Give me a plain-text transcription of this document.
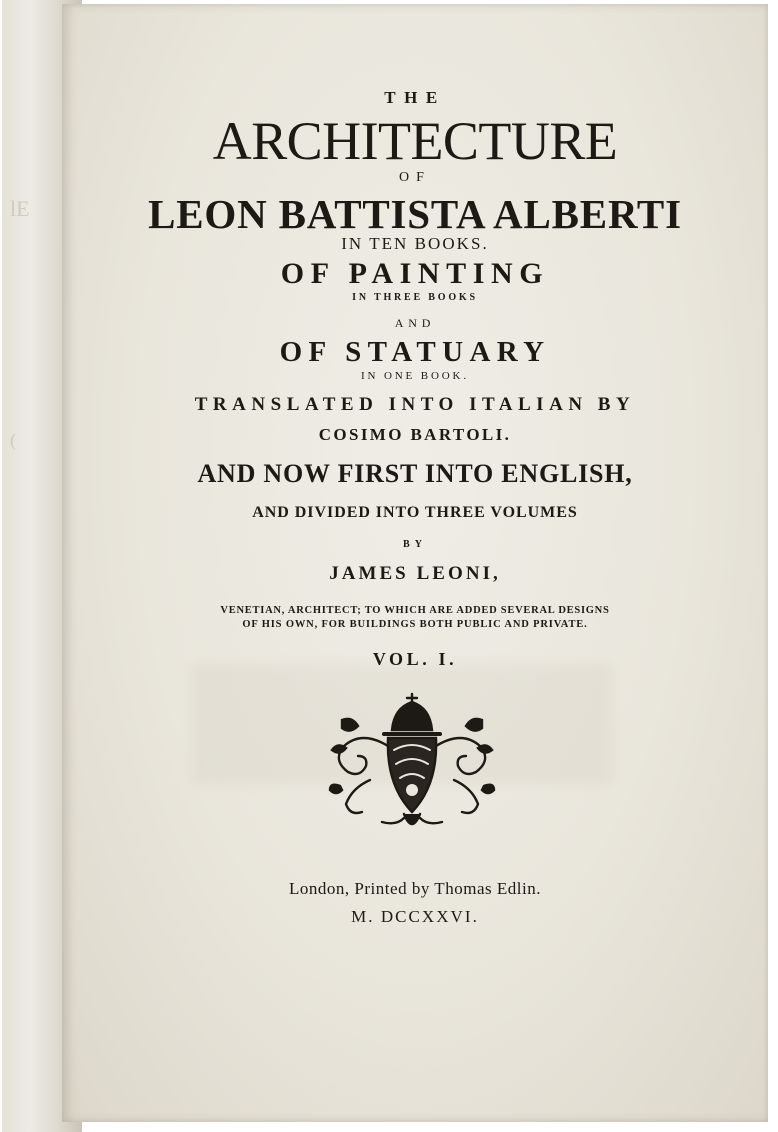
lE
(
THE
ARCHITECTURE
OF
LEON BATTISTA ALBERTI
IN TEN BOOKS.
OF PAINTING
IN THREE BOOKS
AND
OF STATUARY
IN ONE BOOK.
TRANSLATED INTO ITALIAN BY
COSIMO BARTOLI.
AND NOW FIRST INTO ENGLISH,
AND DIVIDED INTO THREE VOLUMES
BY
JAMES LEONI,
VENETIAN, ARCHITECT; TO WHICH ARE ADDED SEVERAL DESIGNS
OF HIS OWN, FOR BUILDINGS BOTH PUBLIC AND PRIVATE.
VOL. I.
London, Printed by Thomas Edlin.
M. DCCXXVI.
